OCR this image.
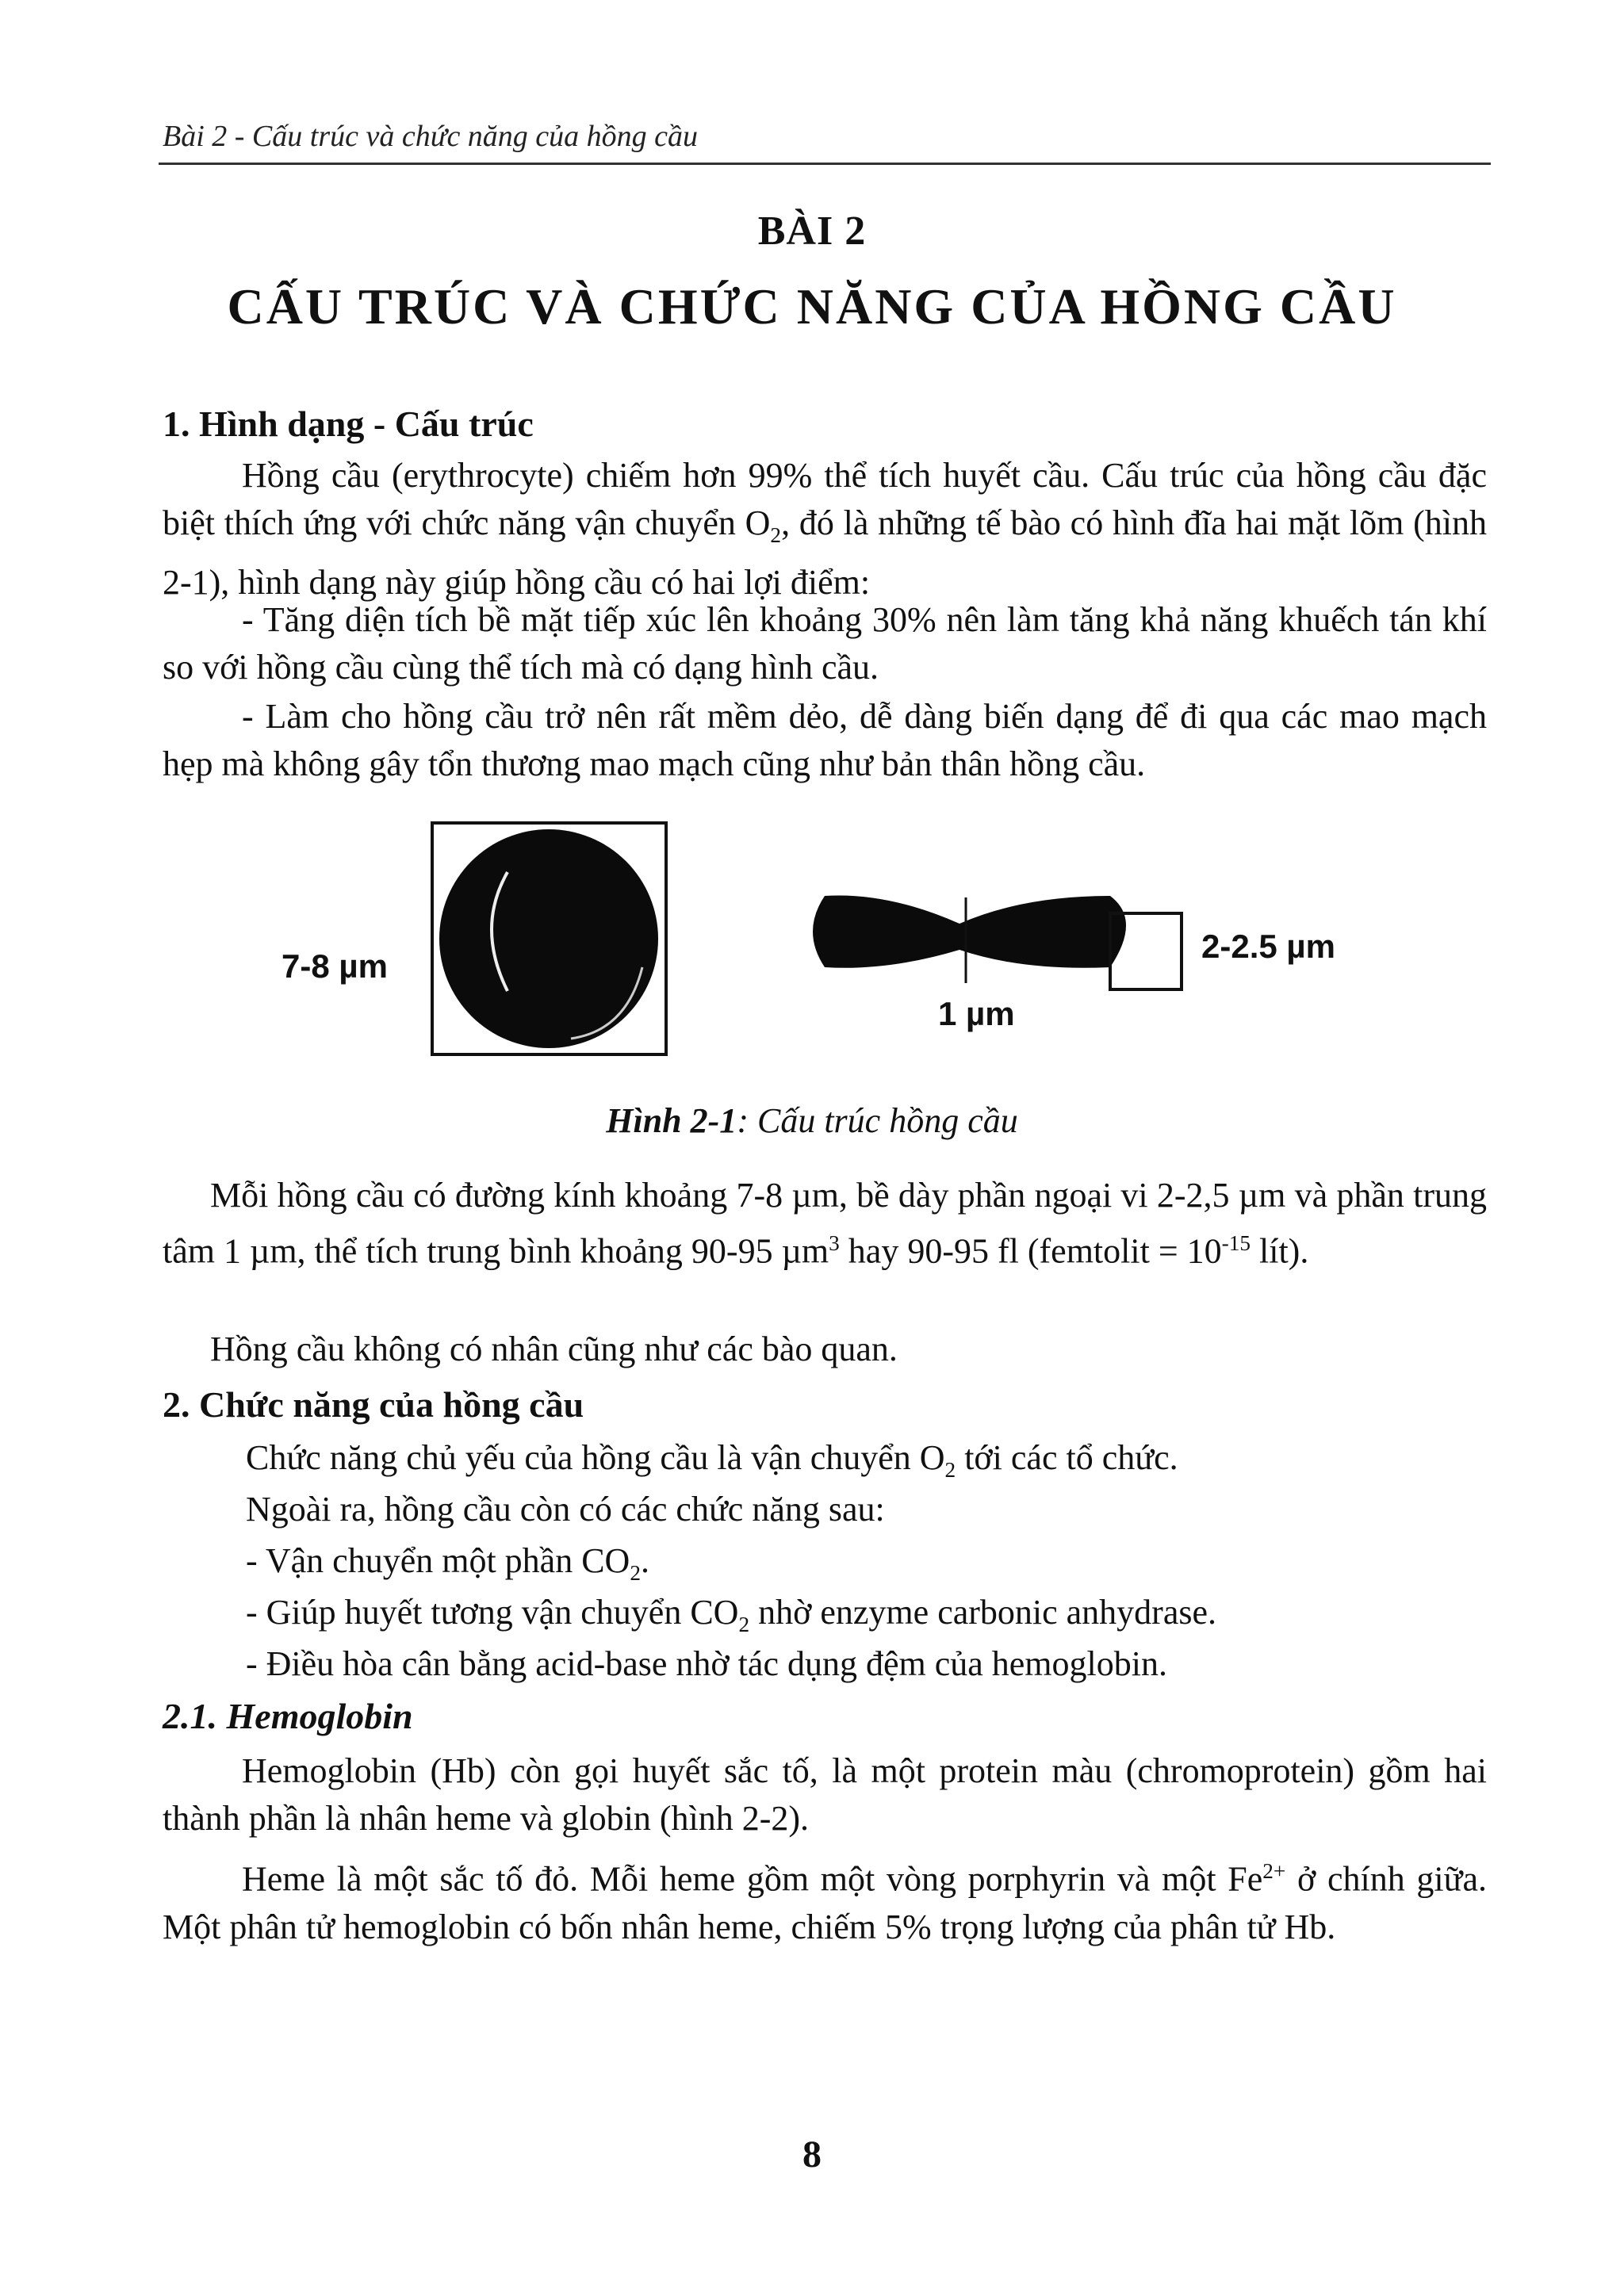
Bài 2 - Cấu trúc và chức năng của hồng cầu
BÀI 2
CẤU TRÚC VÀ CHỨC NĂNG CỦA HỒNG CẦU
1. Hình dạng - Cấu trúc
Hồng cầu (erythrocyte) chiếm hơn 99% thể tích huyết cầu. Cấu trúc của hồng cầu đặc biệt thích ứng với chức năng vận chuyển $O_2$, đó là những tế bào có hình đĩa hai mặt lõm (hình 2-1), hình dạng này giúp hồng cầu có hai lợi điểm:
- Tăng diện tích bề mặt tiếp xúc lên khoảng 30% nên làm tăng khả năng khuếch tán khí so với hồng cầu cùng thể tích mà có dạng hình cầu.
- Làm cho hồng cầu trở nên rất mềm dẻo, dễ dàng biến dạng để đi qua các mao mạch hẹp mà không gây tổn thương mao mạch cũng như bản thân hồng cầu.
7-8 µm
2-2.5 µm
1 µm
Hình 2-1: Cấu trúc hồng cầu
Mỗi hồng cầu có đường kính khoảng 7-8 µm, bề dày phần ngoại vi 2-2,5 µm và phần trung tâm 1 µm, thể tích trung bình khoảng 90-95 µm$^3$ hay 90-95 fl (femtolit = $10^{-15}$ lít).
Hồng cầu không có nhân cũng như các bào quan.
2. Chức năng của hồng cầu
Chức năng chủ yếu của hồng cầu là vận chuyển $O_2$ tới các tổ chức.
Ngoài ra, hồng cầu còn có các chức năng sau:
- Vận chuyển một phần $CO_2$.
- Giúp huyết tương vận chuyển $CO_2$ nhờ enzyme carbonic anhydrase.
- Điều hòa cân bằng acid-base nhờ tác dụng đệm của hemoglobin.
2.1. Hemoglobin
Hemoglobin (Hb) còn gọi huyết sắc tố, là một protein màu (chromoprotein) gồm hai thành phần là nhân heme và globin (hình 2-2).
Heme là một sắc tố đỏ. Mỗi heme gồm một vòng porphyrin và một $Fe^{2+}$ ở chính giữa. Một phân tử hemoglobin có bốn nhân heme, chiếm 5% trọng lượng của phân tử Hb.
8
